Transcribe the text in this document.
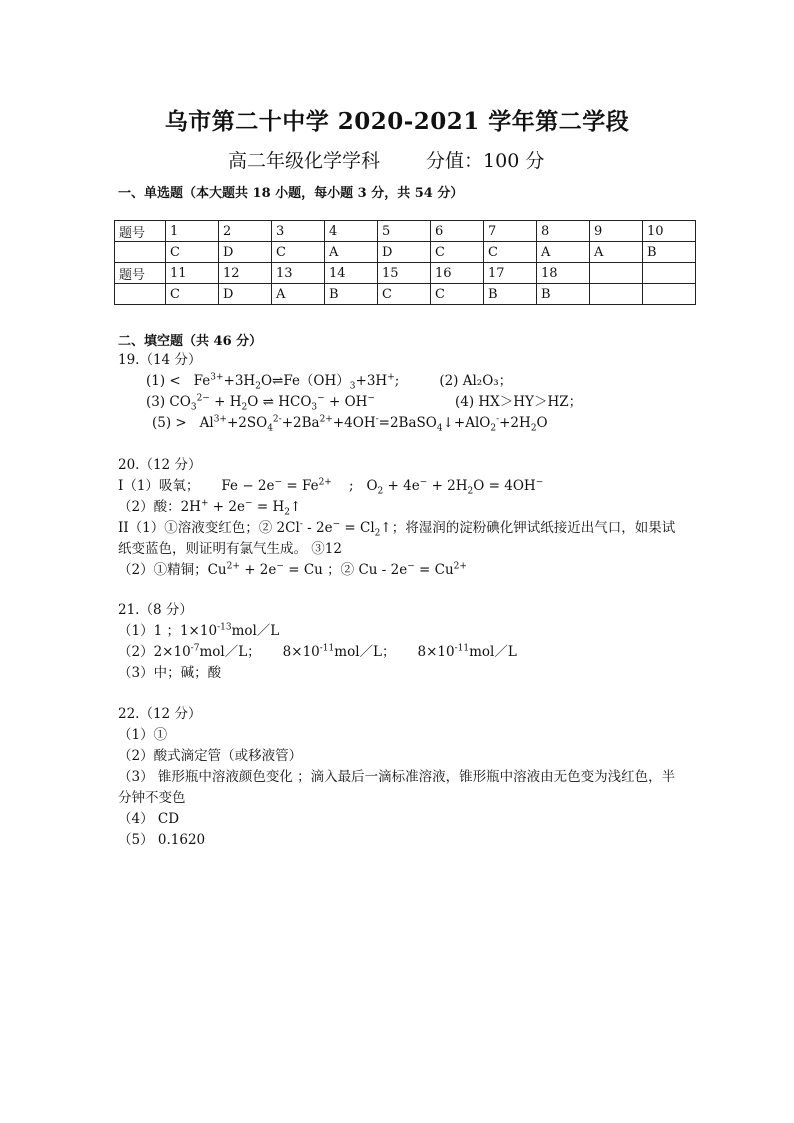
乌市第二十中学 2020-2021 学年第二学段
高二年级化学学科 分值：100 分
一、单选题（本大题共 18 小题，每小题 3 分，共 54 分）
题号	1	2	3	4	5	6	7	8	9	10
	C	D	C	A	D	C	C	A	A	B
题号	11	12	13	14	15	16	17	18		
	C	D	A	B	C	C	B	B		
二、填空题（共 46 分）
19.（14 分）
$(1) < Fe^{3+}+3H_2O\rightleftharpoons Fe(OH)_3+3H^+$;	(2) Al₂O₃；
(3) $CO_3^{2-} + H_2O$ ⇌ $HCO_3^- + OH^-$	(4) HX＞HY＞HZ；
$(5) > Al^{3+}+2SO_4^{2-}+2Ba^{2+}+4OH^-=2BaSO_4↓+AlO_2^-+2H_2O$
20.（12 分）
I（1）吸氧； $Fe - 2e^- = Fe^{2+}$    ;   $O_2 + 4e^- + 2H_2O = 4OH^-$
（2）酸：$2H^+ + 2e^- = H_2↑$
II（1）①溶液变红色；② $2Cl^- - 2e^- = Cl_2↑$；将湿润的淀粉碘化钾试纸接近出气口，如果试纸变蓝色，则证明有氯气生成。 ③12
（2）①精铜；$Cu^{2+} + 2e^- = Cu$ ；② $Cu - 2e^- = Cu^{2+}$
21.（8 分）
（1）1 ；$1\times 10^{-13}mol/L$
$(2)2\times 10^{-7}mol/L$； $8\times 10^{-11}mol/L$； $8\times 10^{-11}mol/L$
（3）中；碱；酸
22.（12 分）
（1）①
（2）酸式滴定管（或移液管）
（3） 锥形瓶中溶液颜色变化 ；滴入最后一滴标准溶液，锥形瓶中溶液由无色变为浅红色，半分钟不变色
（4） CD
（5） 0.1620
